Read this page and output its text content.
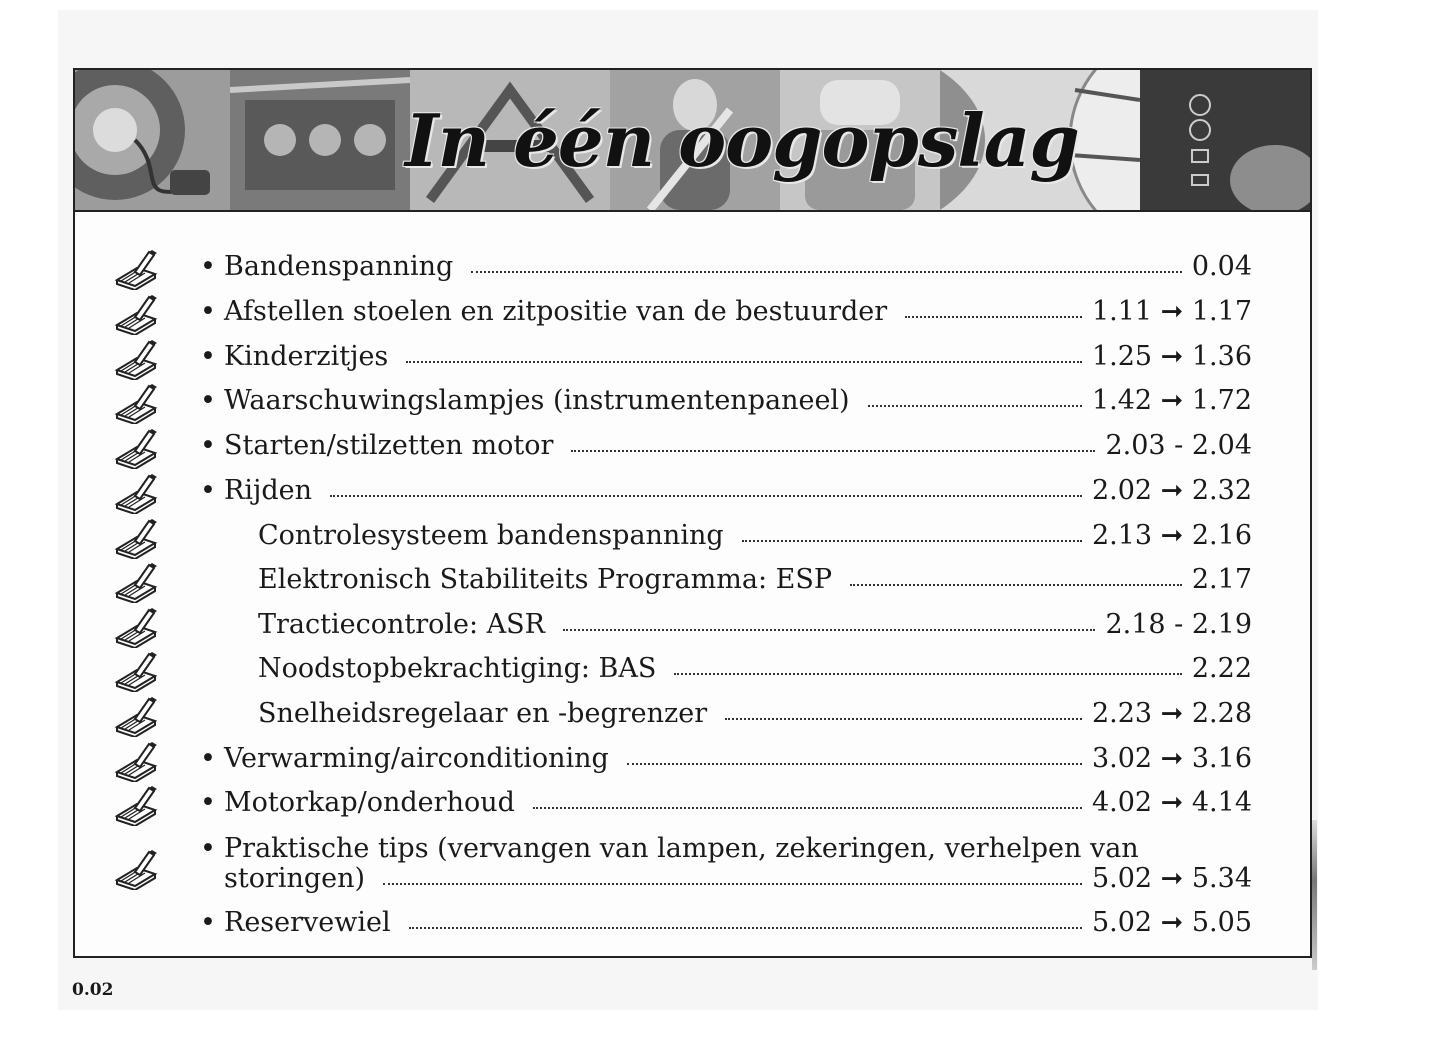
In één oogopslag
• Bandenspanning	0.04
• Afstellen stoelen en zitpositie van de bestuurder	1.11 ➞ 1.17
• Kinderzitjes	1.25 ➞ 1.36
• Waarschuwingslampjes (instrumentenpaneel)	1.42 ➞ 1.72
• Starten/stilzetten motor	2.03 - 2.04
• Rijden	2.02 ➞ 2.32
Controlesysteem bandenspanning	2.13 ➞ 2.16
Elektronisch Stabiliteits Programma: ESP	2.17
Tractiecontrole: ASR	2.18 - 2.19
Noodstopbekrachtiging: BAS	2.22
Snelheidsregelaar en -begrenzer	2.23 ➞ 2.28
• Verwarming/airconditioning	3.02 ➞ 3.16
• Motorkap/onderhoud	4.02 ➞ 4.14
• Praktische tips (vervangen van lampen, zekeringen, verhelpen van
storingen)	5.02 ➞ 5.34
• Reservewiel	5.02 ➞ 5.05
0.02
